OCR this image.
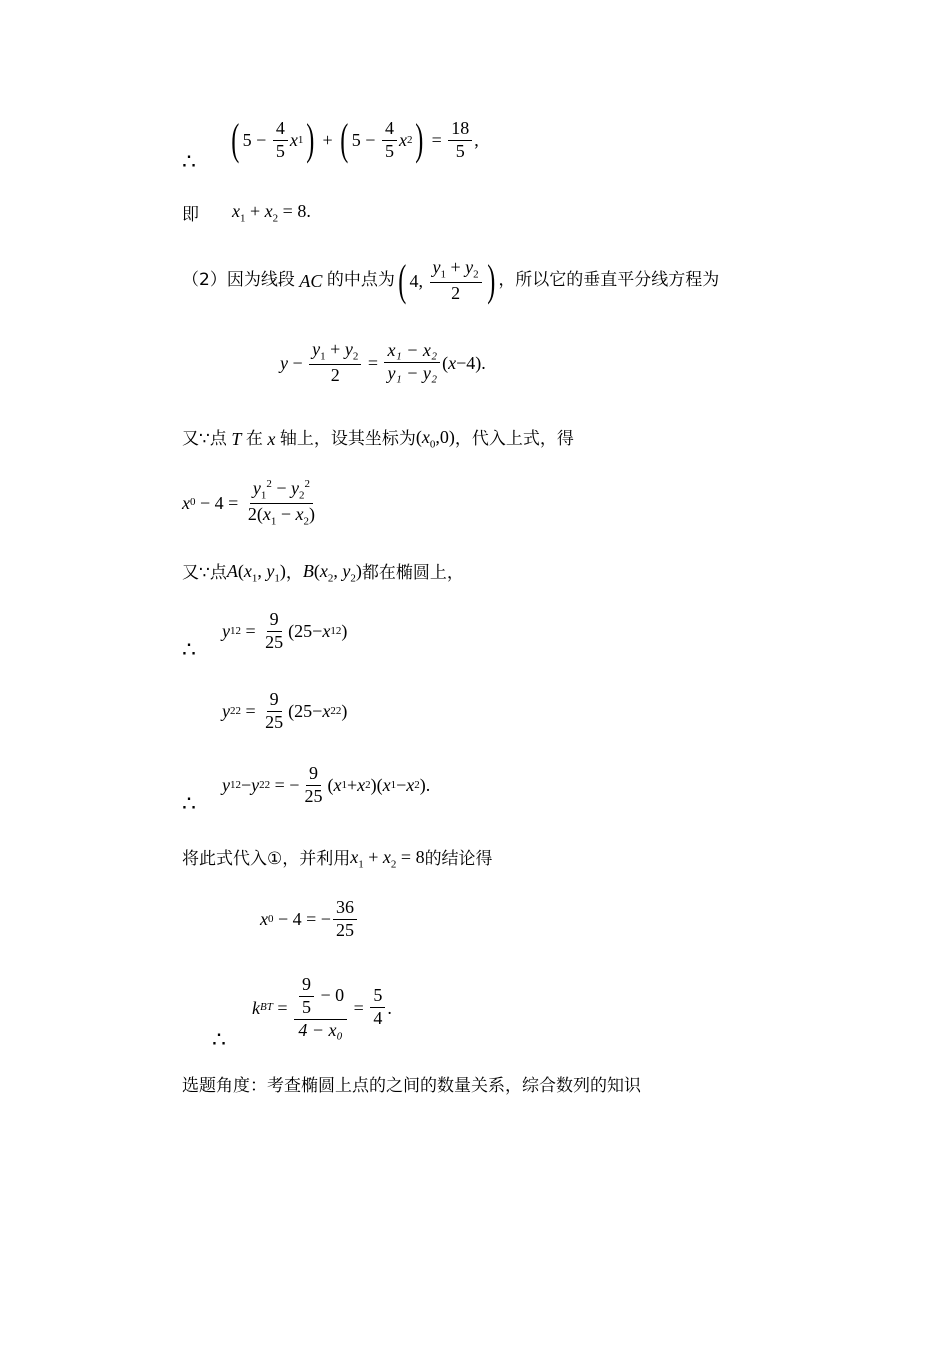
∴ ( $5 - \frac{4}{5}$ x 1 ) + ( $5 - \frac{4}{5}$ x 2 ) = $\frac{18}{5}$ ,
即 $x_1 + x_2 = 8$.
（2）因为线段 AC 的中点为 ( 4 , $\frac{y_1 + y_2}{2}$ ) ，所以它的垂直平分线方程为
$y - \frac{y_1 + y_2}{2} = \frac{\text{x₁ − x₂}}{\text{y₁ − y₂}}$ ( x − 4 ).
又∵点 T 在 x 轴上，设其坐标为 $(x_0,0)$ ，代入上式，得
x $0 - 4 = \frac{y_1^2 - y_2^2}{2(x_1 - x_2)}$
又∵点 $A(x_1$, $y_1$) ， $B(x_2$, $y_2$) 都在椭圆上，
∴
y 1 $2 = \frac{9}{25}$ ( 25 − x 1 2 )
y 2 $2 = \frac{9}{25}$ ( 25 − x 2 2 )
∴
y 1 2 − y 2 2 = − $\frac{9}{25}$ ( x 1 + x 2 )( x 1 − x 2 ).
将此式代入①，并利用 $x_1 + x_2 = 8$ 的结论得
x 0 − 4 = − $\frac{36}{25}$
∴
k BT = $\frac{9}{5}$
− 0
$4 - x_0 = \frac{5}{4}$ .
选题角度：考查椭圆上点的之间的数量关系，综合数列的知识
